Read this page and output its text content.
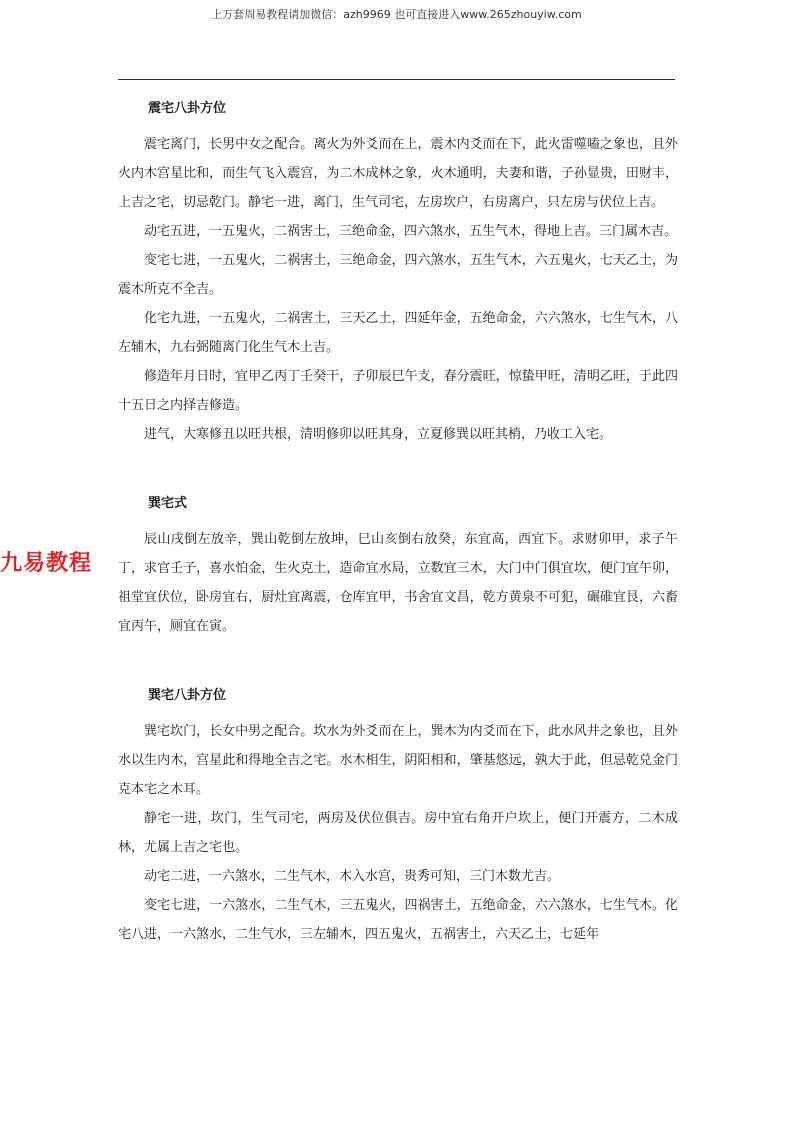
上万套周易教程请加微信：azh9969 也可直接进入www.265zhouyiw.com
九易教程
震宅八卦方位

震宅离门，长男中女之配合。离火为外爻而在上，震木内爻而在下，此火雷噬嗑之象也，且外火内木宫星比和，而生气飞入震宫，为二木成林之象，火木通明，夫妻和谐，子孙显贵，田财丰，上吉之宅，切忌乾门。静宅一进，离门，生气司宅，左房坎户，右房离户，只左房与伏位上吉。

动宅五进，一五鬼火，二祸害土，三绝命金，四六煞水，五生气木，得地上吉。三门属木吉。

变宅七进，一五鬼火，二祸害土，三绝命金，四六煞水，五生气木，六五鬼火，七天乙土，为震木所克不全吉。

化宅九进，一五鬼火，二祸害土，三天乙土，四延年金，五绝命金，六六煞水，七生气木，八左辅木，九右弼随离门化生气木上吉。

修造年月日时，宜甲乙丙丁壬癸干，子卯辰巳午支，春分震旺，惊蛰甲旺，清明乙旺，于此四十五日之内择吉修造。

进气，大寒修丑以旺共根，清明修卯以旺其身，立夏修巽以旺其梢，乃收工入宅。

巽宅式

辰山戌倒左放辛，巽山乾倒左放坤，巳山亥倒右放癸，东宜高，西宜下。求财卯甲，求子午丁，求官壬子，喜水怕金，生火克土，造命宜水局，立数宜三木，大门中门俱宜坎，便门宜午卯，祖堂宜伏位，卧房宜右，厨灶宜离震，仓库宜甲，书舍宜文昌，乾方黄泉不可犯，碾碓宜艮，六畜宜丙午，厕宜在寅。

巽宅八卦方位

巽宅坎门，长女中男之配合。坎水为外爻而在上，巽木为内爻而在下，此水风井之象也，且外水以生内木，宫星此和得地全吉之宅。水木相生，阴阳相和，肇基悠远，孰大于此，但忌乾兑金门克本宅之木耳。

静宅一进，坎门，生气司宅，两房及伏位俱吉。房中宜右角开户坎上，便门开震方，二木成林，尤属上吉之宅也。

动宅二进，一六煞水，二生气木，木入水宫，贵秀可知，三门木数尤吉。

变宅七进，一六煞水，二生气木，三五鬼火，四祸害土，五绝命金，六六煞水，七生气木。化宅八进，一六煞水，二生气水，三左辅木，四五鬼火，五祸害土，六天乙土，七延年
